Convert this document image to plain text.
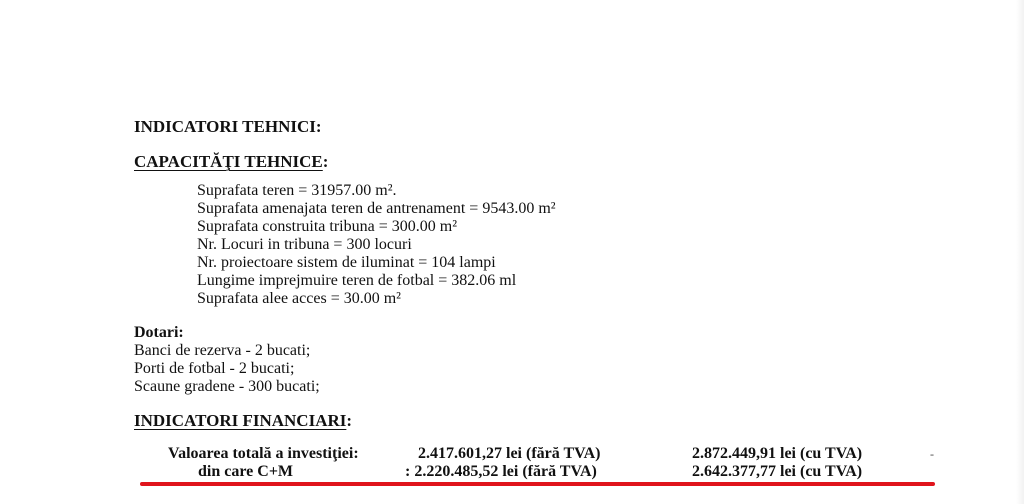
INDICATORI TEHNICI:
CAPACITĂŢI TEHNICE:
Suprafata teren = 31957.00 m².
Suprafata amenajata teren de antrenament = 9543.00 m²
Suprafata construita tribuna = 300.00 m²
Nr. Locuri in tribuna = 300 locuri
Nr. proiectoare sistem de iluminat = 104 lampi
Lungime imprejmuire teren de fotbal = 382.06 ml
Suprafata alee acces = 30.00 m²
Dotari:
Banci de rezerva - 2 bucati;
Porti de fotbal - 2 bucati;
Scaune gradene - 300 bucati;
INDICATORI FINANCIARI:
Valoarea totală a investiţiei:	2.417.601,27 lei (fără TVA)	2.872.449,91 lei (cu TVA)	-
din care C+M	: 2.220.485,52 lei (fără TVA)	2.642.377,77 lei (cu TVA)
